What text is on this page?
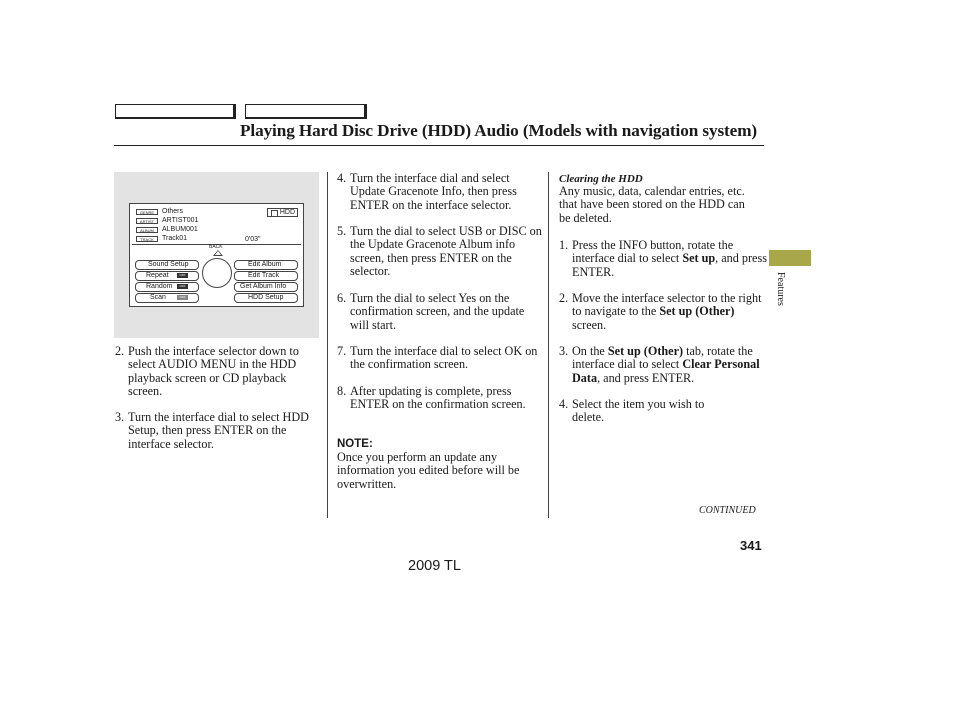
Playing Hard Disc Drive (HDD) Audio (Models with navigation system)
GENRE	Others
ARTIST	ARTIST001
ALBUM	ALBUM001
TRACK	Track01
HDD
0'03"
BACK
Sound Setup
Repeat	OFF
Random	OFF
Scan	OFF
Edit Album
Edit Track
Get Album Info
HDD Setup
2. Push the interface selector down to select AUDIO MENU in the HDD playback screen or CD playback screen.
3. Turn the interface dial to select HDD Setup, then press ENTER on the interface selector.
4. Turn the interface dial and select Update Gracenote Info, then press ENTER on the interface selector.
5. Turn the dial to select USB or DISC on the Update Gracenote Album info screen, then press ENTER on the selector.
6. Turn the dial to select Yes on the confirmation screen, and the update will start.
7. Turn the interface dial to select OK on the confirmation screen.
8. After updating is complete, press ENTER on the confirmation screen.
NOTE:
Once you perform an update any information you edited before will be overwritten.
Clearing the HDD
Any music, data, calendar entries, etc. that have been stored on the HDD can be deleted.
1. Press the INFO button, rotate the interface dial to select Set up, and press ENTER.
2. Move the interface selector to the right to navigate to the Set up (Other) screen.
3. On the Set up (Other) tab, rotate the interface dial to select Clear Personal Data, and press ENTER.
4. Select the item you wish to delete.
Features
CONTINUED
341
2009 TL
